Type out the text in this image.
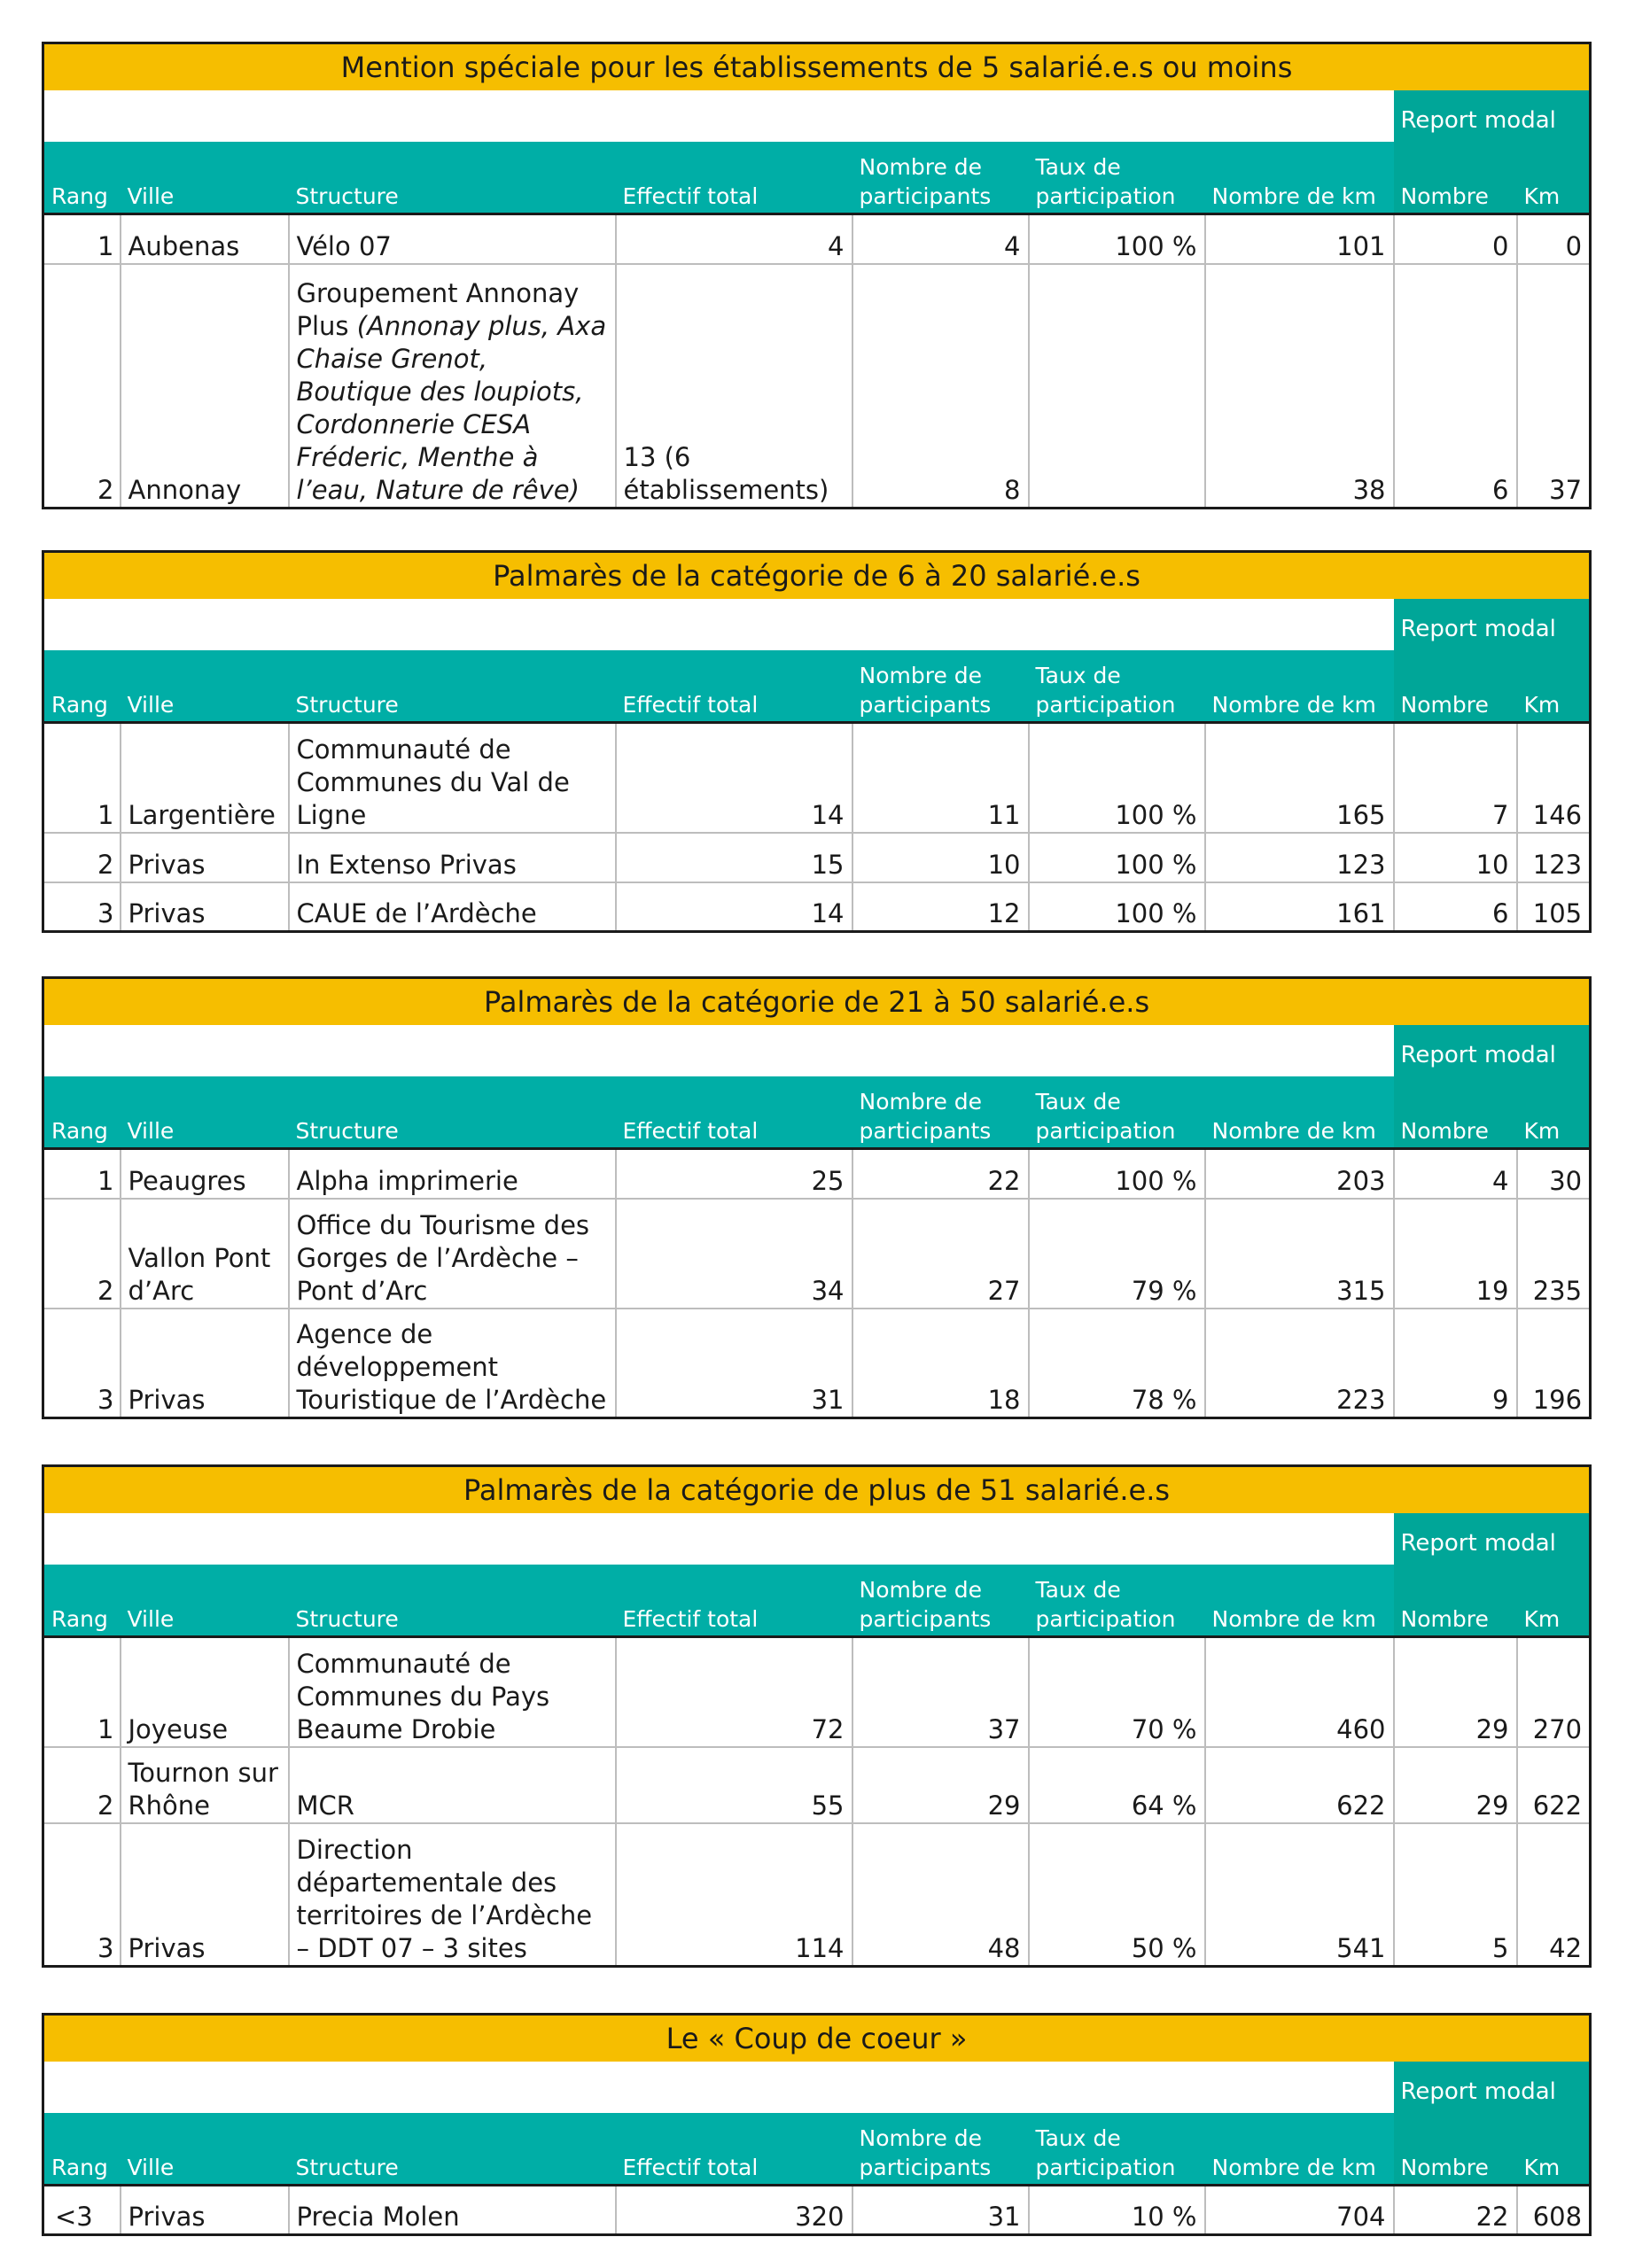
Mention spéciale pour les établissements de 5 salarié.e.s ou moins								
							Report modal	
Rang	Ville	Structure	Effectif total	Nombre de participants	Taux de participation	Nombre de km	Nombre	Km
1	Aubenas	Vélo 07	4	4	100 %	101	0	0
2	Annonay	Groupement Annonay Plus (Annonay plus, Axa Chaise Grenot, Boutique des loupiots, Cordonnerie CESA Fréderic, Menthe à l’eau, Nature de rêve)	13 (6 établissements)	8		38	6	37
Palmarès de la catégorie de 6 à 20 salarié.e.s								
							Report modal	
Rang	Ville	Structure	Effectif total	Nombre de participants	Taux de participation	Nombre de km	Nombre	Km
1	Largentière	Communauté de Communes du Val de Ligne	14	11	100 %	165	7	146
2	Privas	In Extenso Privas	15	10	100 %	123	10	123
3	Privas	CAUE de l’Ardèche	14	12	100 %	161	6	105
Palmarès de la catégorie de 21 à 50 salarié.e.s								
							Report modal	
Rang	Ville	Structure	Effectif total	Nombre de participants	Taux de participation	Nombre de km	Nombre	Km
1	Peaugres	Alpha imprimerie	25	22	100 %	203	4	30
2	Vallon Pont d’Arc	Office du Tourisme des Gorges de l’Ardèche – Pont d’Arc	34	27	79 %	315	19	235
3	Privas	Agence de développement Touristique de l’Ardèche	31	18	78 %	223	9	196
Palmarès de la catégorie de plus de 51 salarié.e.s								
							Report modal	
Rang	Ville	Structure	Effectif total	Nombre de participants	Taux de participation	Nombre de km	Nombre	Km
1	Joyeuse	Communauté de Communes du Pays Beaume Drobie	72	37	70 %	460	29	270
2	Tournon sur Rhône	MCR	55	29	64 %	622	29	622
3	Privas	Direction départementale des territoires de l’Ardèche – DDT 07 – 3 sites	114	48	50 %	541	5	42
Le « Coup de coeur »								
							Report modal	
Rang	Ville	Structure	Effectif total	Nombre de participants	Taux de participation	Nombre de km	Nombre	Km
<3	Privas	Precia Molen	320	31	10 %	704	22	608
